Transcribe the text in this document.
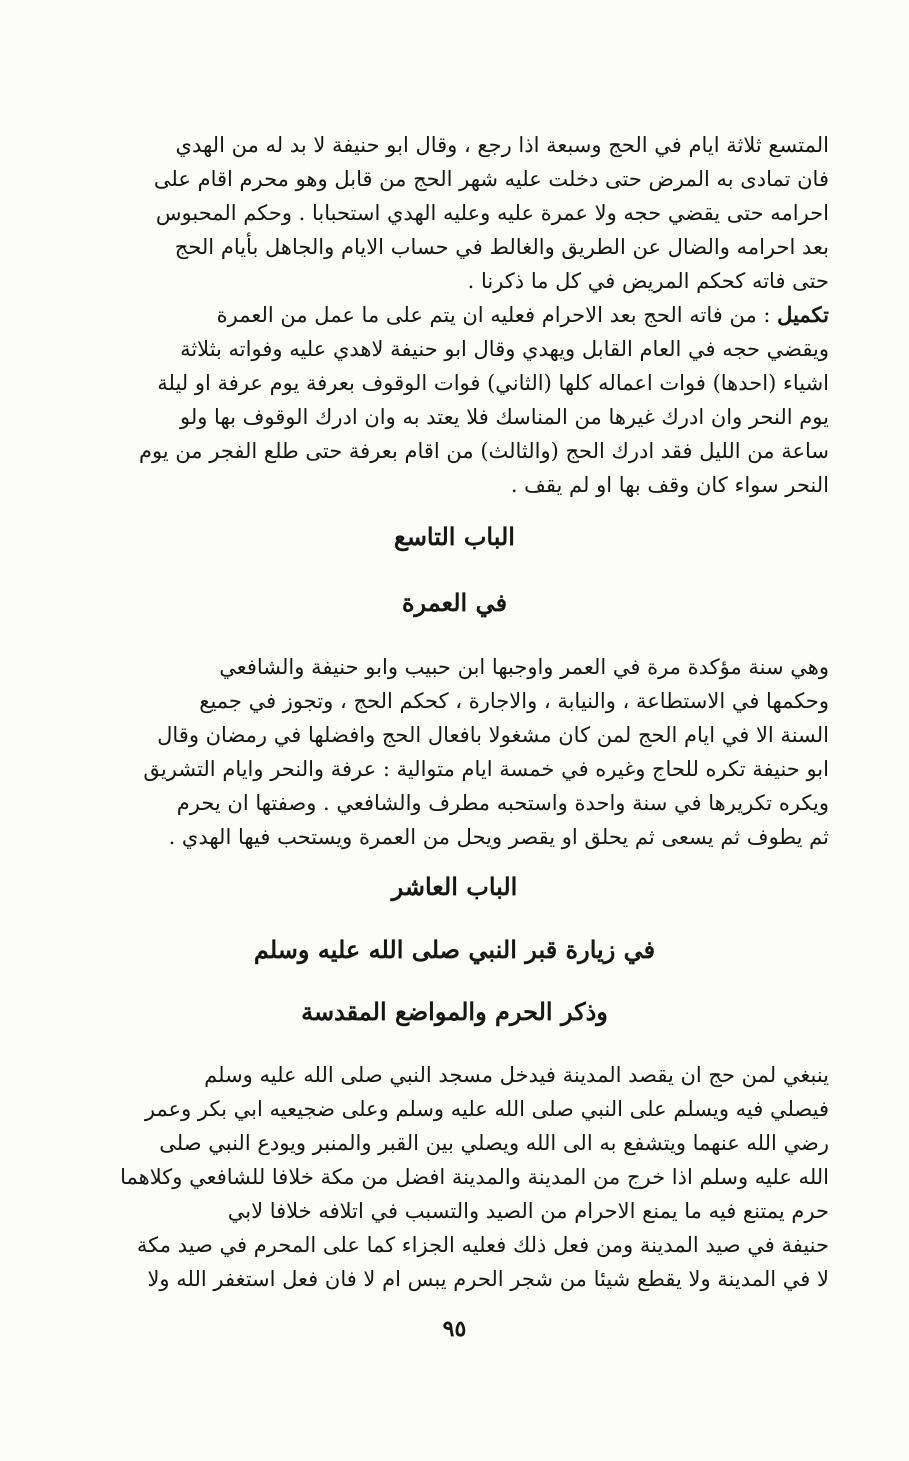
المتسع ثلاثة ايام في الحج وسبعة اذا رجع ، وقال ابو حنيفة لا بد له من الهدي
فان تمادى به المرض حتى دخلت عليه شهر الحج من قابل وهو محرم اقام على
احرامه حتى يقضي حجه ولا عمرة عليه وعليه الهدي استحبابا . وحكم المحبوس
بعد احرامه والضال عن الطريق والغالط في حساب الايام والجاهل بأيام الحج
حتى فاته كحكم المريض في كل ما ذكرنا .

تكميل : من فاته الحج بعد الاحرام فعليه ان يتم على ما عمل من العمرة
ويقضي حجه في العام القابل ويهدي وقال ابو حنيفة لاهدي عليه وفواته بثلاثة
اشياء (احدها) فوات اعماله كلها (الثاني) فوات الوقوف بعرفة يوم عرفة او ليلة
يوم النحر وان ادرك غيرها من المناسك فلا يعتد به وان ادرك الوقوف بها ولو
ساعة من الليل فقد ادرك الحج (والثالث) من اقام بعرفة حتى طلع الفجر من يوم
النحر سواء كان وقف بها او لم يقف .

الباب التاسع
في العمرة

وهي سنة مؤكدة مرة في العمر واوجبها ابن حبيب وابو حنيفة والشافعي
وحكمها في الاستطاعة ، والنيابة ، والاجارة ، كحكم الحج ، وتجوز في جميع
السنة الا في ايام الحج لمن كان مشغولا بافعال الحج وافضلها في رمضان وقال
ابو حنيفة تكره للحاج وغيره في خمسة ايام متوالية : عرفة والنحر وايام التشريق
ويكره تكريرها في سنة واحدة واستحبه مطرف والشافعي . وصفتها ان يحرم
ثم يطوف ثم يسعى ثم يحلق او يقصر ويحل من العمرة ويستحب فيها الهدي .

الباب العاشر
في زيارة قبر النبي صلى الله عليه وسلم
وذكر الحرم والمواضع المقدسة

ينبغي لمن حج ان يقصد المدينة فيدخل مسجد النبي صلى الله عليه وسلم
فيصلي فيه ويسلم على النبي صلى الله عليه وسلم وعلى ضجيعيه ابي بكر وعمر
رضي الله عنهما ويتشفع به الى الله ويصلي بين القبر والمنبر ويودع النبي صلى
الله عليه وسلم اذا خرج من المدينة والمدينة افضل من مكة خلافا للشافعي وكلاهما
حرم يمتنع فيه ما يمنع الاحرام من الصيد والتسبب في اتلافه خلافا لابي
حنيفة في صيد المدينة ومن فعل ذلك فعليه الجزاء كما على المحرم في صيد مكة
لا في المدينة ولا يقطع شيئا من شجر الحرم يبس ام لا فان فعل استغفر الله ولا

٩٥
